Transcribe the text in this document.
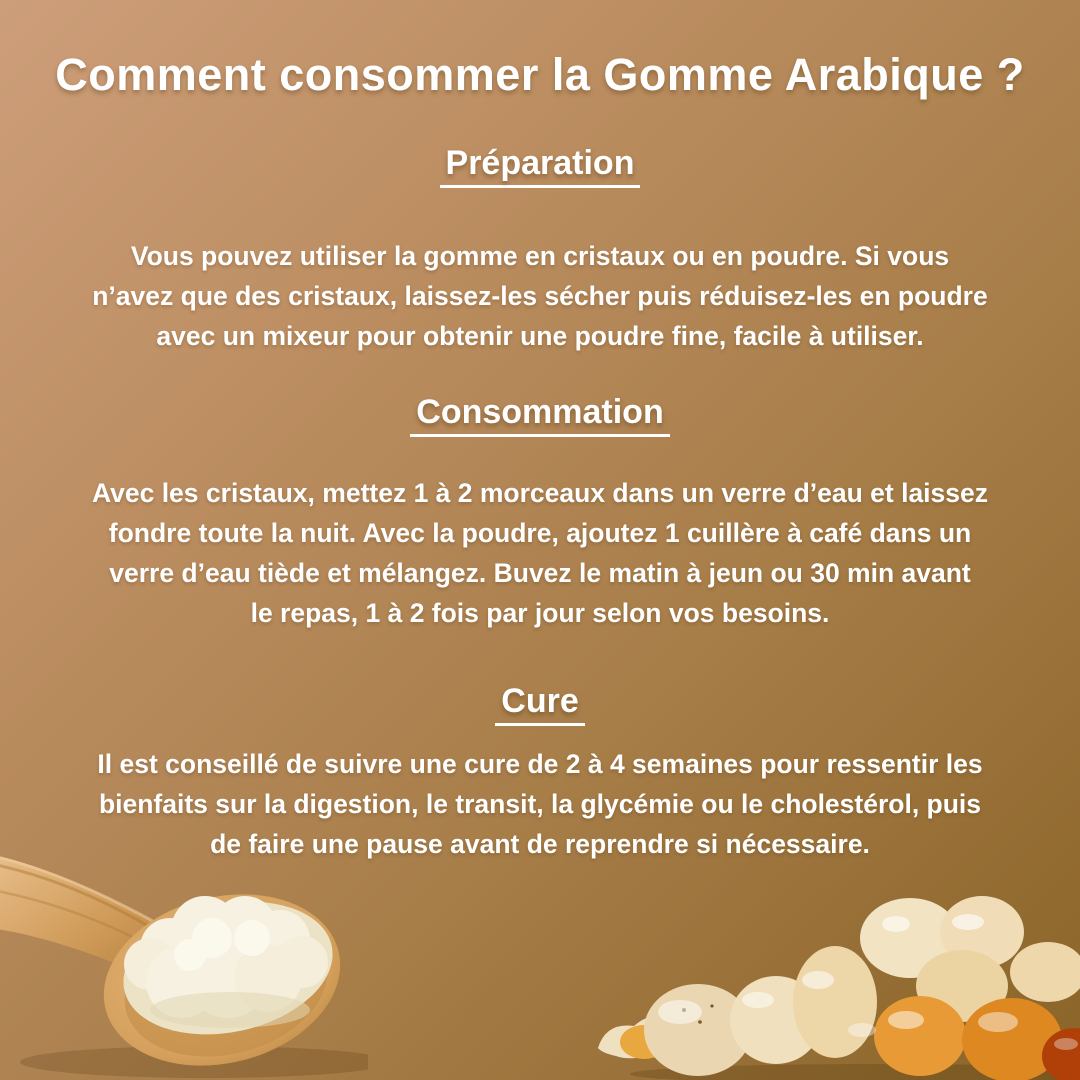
Comment consommer la Gomme Arabique ?
Préparation
Vous pouvez utiliser la gomme en cristaux ou en poudre. Si vous
n’avez que des cristaux, laissez-les sécher puis réduisez-les en poudre
avec un mixeur pour obtenir une poudre fine, facile à utiliser.
Consommation
Avec les cristaux, mettez 1 à 2 morceaux dans un verre d’eau et laissez
fondre toute la nuit. Avec la poudre, ajoutez 1 cuillère à café dans un
verre d’eau tiède et mélangez. Buvez le matin à jeun ou 30 min avant
le repas, 1 à 2 fois par jour selon vos besoins.
Cure
Il est conseillé de suivre une cure de 2 à 4 semaines pour ressentir les
bienfaits sur la digestion, le transit, la glycémie ou le cholestérol, puis
de faire une pause avant de reprendre si nécessaire.
